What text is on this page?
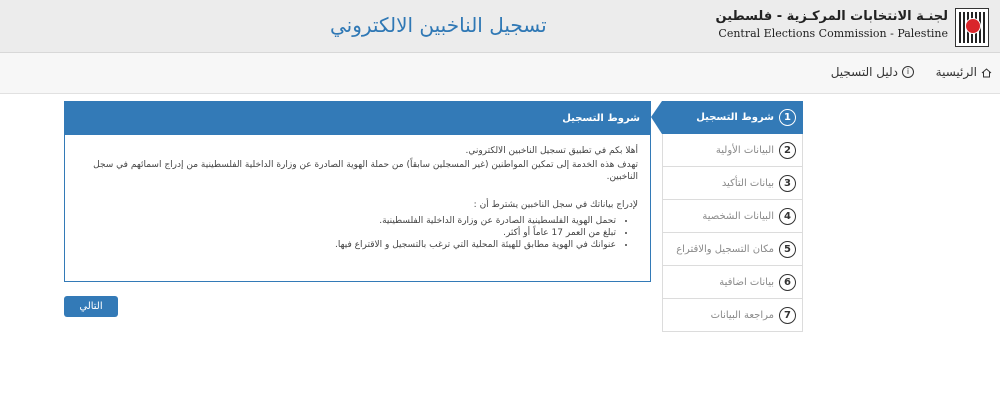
تسجيل الناخبين الالكتروني	لجنـة الانتخابات المركـزية - فلسطين
Central Elections Commission - Palestine
الرئيسية
i
دليل التسجيل
شروط التسجيل

أهلا بكم في تطبيق تسجيل الناخبين الالكتروني.

تهدف هذه الخدمة إلى تمكين المواطنين (غير المسجلين سابقاً) من حملة الهوية الصادرة عن وزارة الداخلية الفلسطينية من إدراج اسمائهم في سجل الناخبين.

لإدراج بياناتك في سجل الناخبين يشترط أن :

• تحمل الهوية الفلسطينية الصادرة عن وزارة الداخلية الفلسطينية.
• تبلغ من العمر 17 عاماً أو أكثر.
• عنوانك في الهوية مطابق للهيئة المحلية التي ترغب بالتسجيل و الاقتراع فيها.
1
شروط التسجيل
2
البيانات الأولية
3
بيانات التأكيد
4
البيانات الشخصية
5
مكان التسجيل والاقتراع
6
بيانات اضافية
7
مراجعة البيانات
التالي
